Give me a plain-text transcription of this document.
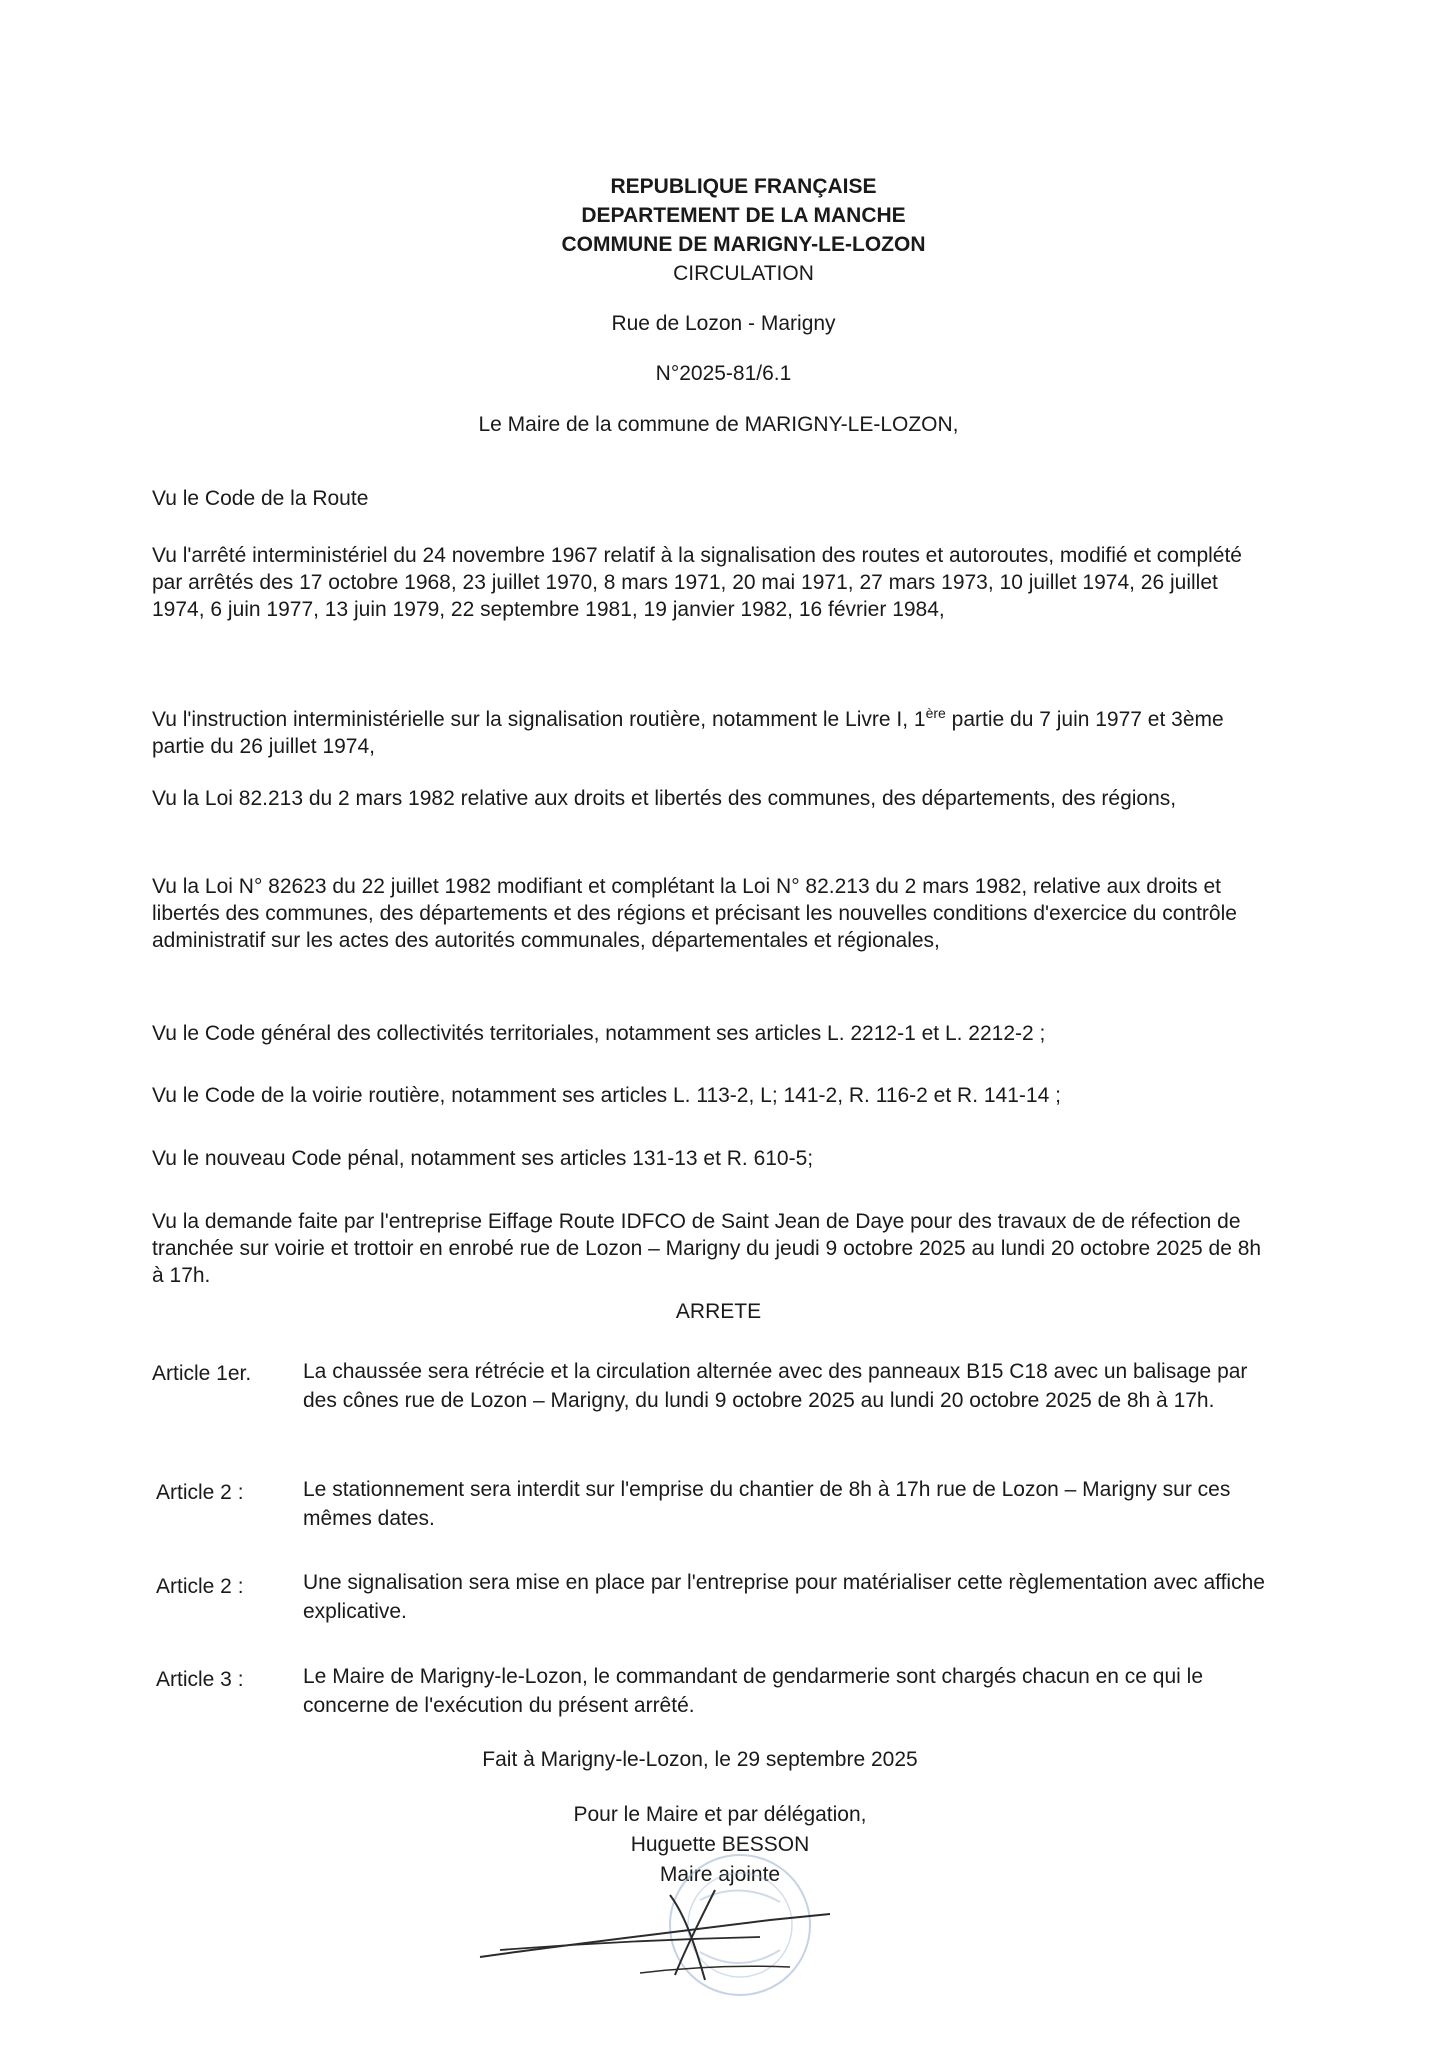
REPUBLIQUE FRANÇAISE
DEPARTEMENT DE LA MANCHE
COMMUNE DE MARIGNY-LE-LOZON
CIRCULATION
Rue de Lozon - Marigny
N°2025-81/6.1
Le Maire de la commune de MARIGNY-LE-LOZON,
Vu le Code de la Route
Vu l'arrêté interministériel du 24 novembre 1967 relatif à la signalisation des routes et autoroutes, modifié et complété par arrêtés des 17 octobre 1968, 23 juillet 1970, 8 mars 1971, 20 mai 1971, 27 mars 1973, 10 juillet 1974, 26 juillet 1974, 6 juin 1977, 13 juin 1979, 22 septembre 1981, 19 janvier 1982, 16 février 1984,
Vu l'instruction interministérielle sur la signalisation routière, notamment le Livre I, 1ère partie du 7 juin 1977 et 3ème partie du 26 juillet 1974,
Vu la Loi 82.213 du 2 mars 1982 relative aux droits et libertés des communes, des départements, des régions,
Vu la Loi N° 82623 du 22 juillet 1982 modifiant et complétant la Loi N° 82.213 du 2 mars 1982, relative aux droits et libertés des communes, des départements et des régions et précisant les nouvelles conditions d'exercice du contrôle administratif sur les actes des autorités communales, départementales et régionales,
Vu le Code général des collectivités territoriales, notamment ses articles L. 2212-1 et L. 2212-2 ;
Vu le Code de la voirie routière, notamment ses articles L. 113-2, L; 141-2, R. 116-2 et R. 141-14 ;
Vu le nouveau Code pénal, notamment ses articles 131-13 et R. 610-5;
Vu la demande faite par l'entreprise Eiffage Route IDFCO de Saint Jean de Daye pour des travaux de de réfection de tranchée sur voirie et trottoir en enrobé rue de Lozon – Marigny du jeudi 9 octobre 2025 au lundi 20 octobre 2025 de 8h à 17h.
ARRETE
Article 1er.	La chaussée sera rétrécie et la circulation alternée avec des panneaux B15 C18 avec un balisage par des cônes rue de Lozon – Marigny, du lundi 9 octobre 2025 au lundi 20 octobre 2025 de 8h à 17h.
Article 2 :	Le stationnement sera interdit sur l'emprise du chantier de 8h à 17h rue de Lozon – Marigny sur ces mêmes dates.
Article 2 :	Une signalisation sera mise en place par l'entreprise pour matérialiser cette règlementation avec affiche explicative.
Article 3 :	Le Maire de Marigny-le-Lozon, le commandant de gendarmerie sont chargés chacun en ce qui le concerne de l'exécution du présent arrêté.
Fait à Marigny-le-Lozon, le 29 septembre 2025
Pour le Maire et par délégation,
Huguette BESSON
Maire ajointe
